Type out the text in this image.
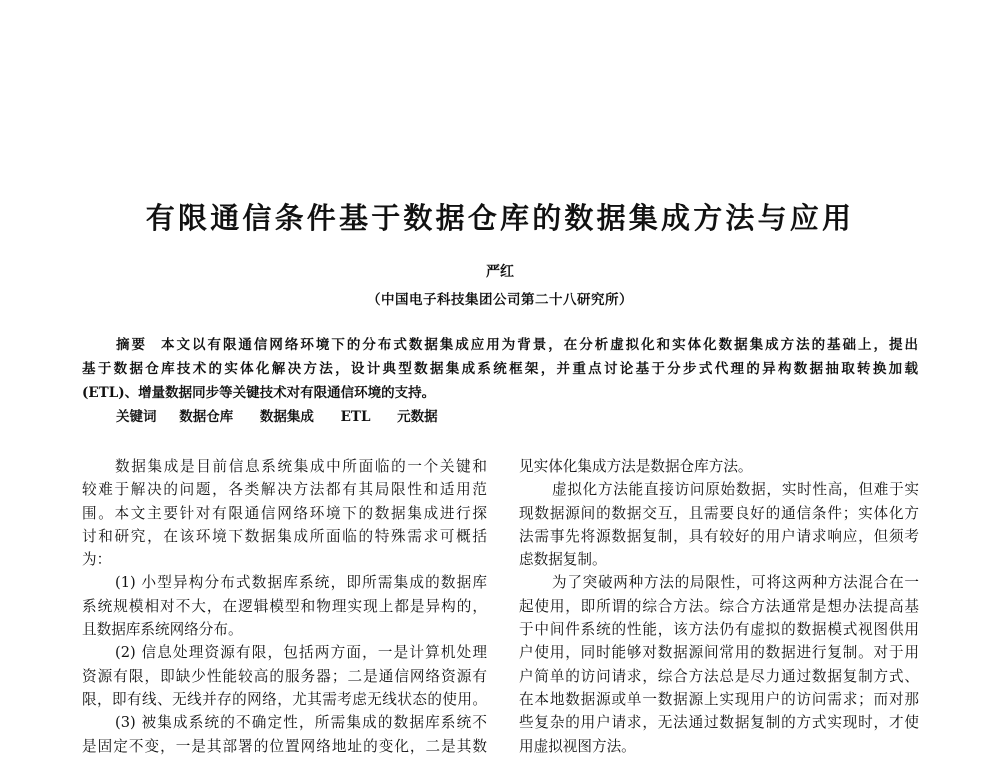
有限通信条件基于数据仓库的数据集成方法与应用
严红
（中国电子科技集团公司第二十八研究所）
摘要 本文以有限通信网络环境下的分布式数据集成应用为背景，在分析虚拟化和实体化数据集成方法的基础上，提出
基于数据仓库技术的实体化解决方法，设计典型数据集成系统框架，并重点讨论基于分步式代理的异构数据抽取转换加载
(ETL)、增量数据同步等关键技术对有限通信环境的支持。
关键词 数据仓库 数据集成 ETL 元数据
数据集成是目前信息系统集成中所面临的一个关键和
较难于解决的问题，各类解决方法都有其局限性和适用范
围。本文主要针对有限通信网络环境下的数据集成进行探
讨和研究，在该环境下数据集成所面临的特殊需求可概括
为：
(1) 小型异构分布式数据库系统，即所需集成的数据库
系统规模相对不大，在逻辑模型和物理实现上都是异构的，
且数据库系统网络分布。
(2) 信息处理资源有限，包括两方面，一是计算机处理
资源有限，即缺少性能较高的服务器；二是通信网络资源有
限，即有线、无线并存的网络，尤其需考虑无线状态的使用。
(3) 被集成系统的不确定性，所需集成的数据库系统不
是固定不变，一是其部署的位置网络地址的变化，二是其数
见实体化集成方法是数据仓库方法。
虚拟化方法能直接访问原始数据，实时性高，但难于实
现数据源间的数据交互，且需要良好的通信条件；实体化方
法需事先将源数据复制，具有较好的用户请求响应，但须考
虑数据复制。
为了突破两种方法的局限性，可将这两种方法混合在一
起使用，即所谓的综合方法。综合方法通常是想办法提高基
于中间件系统的性能，该方法仍有虚拟的数据模式视图供用
户使用，同时能够对数据源间常用的数据进行复制。对于用
户简单的访问请求，综合方法总是尽力通过数据复制方式、
在本地数据源或单一数据源上实现用户的访问需求；而对那
些复杂的用户请求，无法通过数据复制的方式实现时，才使
用虚拟视图方法。
